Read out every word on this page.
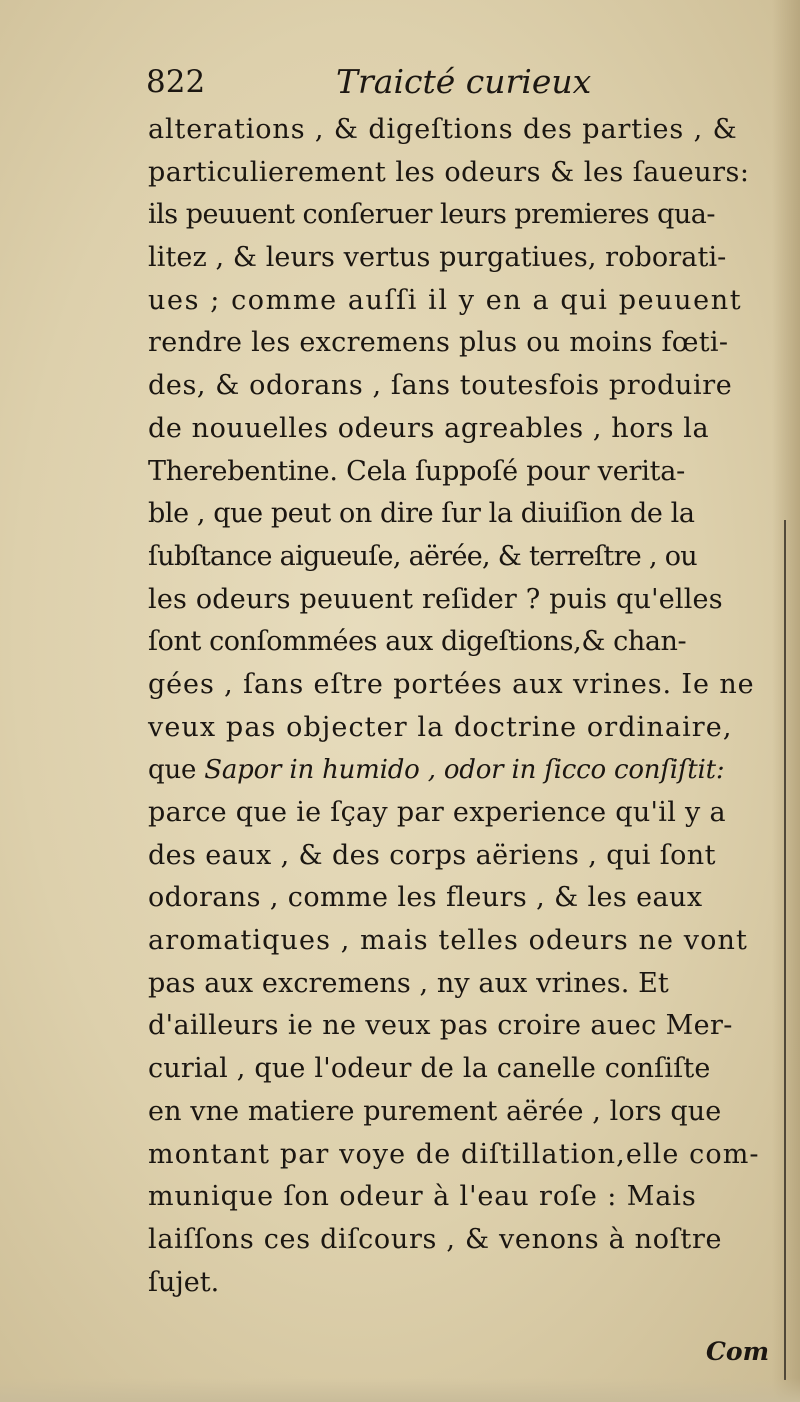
822	Traicté curieux
alterations , & digeſtions des parties , &
particulierement les odeurs & les ſaueurs:
ils peuuent conſeruer leurs premieres qua-
litez , & leurs vertus purgatiues, roborati-
ues ; comme auſſi il y en a qui peuuent
rendre les excremens plus ou moins fœti-
des, & odorans , ſans toutesfois produire
de nouuelles odeurs agreables , hors la
Therebentine. Cela ſuppoſé pour verita-
ble , que peut on dire ſur la diuiſion de la
ſubſtance aigueuſe, aërée, & terreſtre , ou
les odeurs peuuent reſider ? puis qu'elles
ſont conſommées aux digeſtions,& chan-
gées , ſans eſtre portées aux vrines. Ie ne
veux pas objecter la doctrine ordinaire,
que Sapor in humido , odor in ſicco conſiſtit:
parce que ie ſçay par experience qu'il y a
des eaux , & des corps aëriens , qui ſont
odorans , comme les fleurs , & les eaux
aromatiques , mais telles odeurs ne vont
pas aux excremens , ny aux vrines. Et
d'ailleurs ie ne veux pas croire auec Mer-
curial , que l'odeur de la canelle conſiſte
en vne matiere purement aërée , lors que
montant par voye de diſtillation,elle com-
munique ſon odeur à l'eau roſe : Mais
laiſſons ces diſcours , & venons à noſtre
ſujet.
Com
